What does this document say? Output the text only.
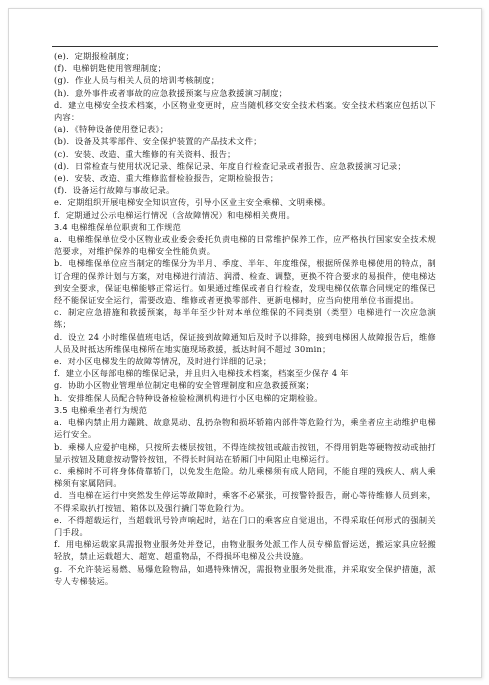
(e)．定期报检制度；

(f)．电梯钥匙使用管理制度；

(g)．作业人员与相关人员的培训考核制度；

(h)．意外事件或者事故的应急救援预案与应急救援演习制度；

d．建立电梯安全技术档案，小区物业变更时，应当随机移交安全技术档案。安全技术档案应包括以下内容：

(a)．《特种设备使用登记表》；

(b)．设备及其零部件、安全保护装置的产品技术文件；

(c)．安装、改造、重大维修的有关资料、报告；

(d)．日常检查与使用状况记录、维保记录、年度自行检查记录或者报告、应急救援演习记录；

(e)．安装、改造、重大维修监督检验报告，定期检验报告；

(f)．设备运行故障与事故记录。

e．定期组织开展电梯安全知识宣传，引导小区业主安全乘梯、文明乘梯。

f．定期通过公示电梯运行情况（含故障情况）和电梯相关费用。

3.4 电梯维保单位职责和工作规范

a．电梯维保单位受小区物业或业委会委托负责电梯的日常维护保养工作，应严格执行国家安全技术规范要求，对维护保养的电梯安全性能负责。

b．电梯维保单位应当制定的维保分为半月、季度、半年、年度维保，根据所保养电梯使用的特点，制订合理的保养计划与方案，对电梯进行清洁、润滑、检查、调整，更换不符合要求的易损件，使电梯达到安全要求，保证电梯能够正常运行。如果通过维保或者自行检查，发现电梯仅依靠合同规定的维保已经不能保证安全运行，需要改造、维修或者更换零部件、更新电梯时，应当向使用单位书面提出。

c．制定应急措施和救援预案，每半年至少针对本单位维保的不同类别（类型）电梯进行一次应急演练；

d．设立 24 小时维保值班电话，保证接到故障通知后及时予以排除，接到电梯困人故障报告后，维修人员及时抵达所维保电梯所在地实施现场救援，抵达时间不超过 30min；

e．对小区电梯发生的故障等情况，及时进行详细的记录；

f．建立小区每部电梯的维保记录，并且归入电梯技术档案，档案至少保存 4 年

g．协助小区物业管理单位制定电梯的安全管理制度和应急救援预案；

h．安排维保人员配合特种设备检验检测机构进行小区电梯的定期检验。

3.5 电梯乘坐者行为规范

a．电梯内禁止用力蹦跳、故意晃动、乱扔杂物和损坏轿箱内部件等危险行为，乘坐者应主动维护电梯运行安全。

b．乘梯人应爱护电梯，只按所去楼层按钮，不得连续按钮或敲击按钮，不得用钥匙等硬物按动或抽打显示按钮及随意按动警铃按钮，不得长时间站在轿厢门中间阻止电梯运行。

c．乘梯时不可将身体倚靠轿门，以免发生危险。幼儿乘梯须有成人陪同，不能自理的残疾人、病人乘梯须有家属陪同。

d．当电梯在运行中突然发生停运等故障时，乘客不必紧张，可按警铃报告，耐心等待维修人员到来，不得采取扒打按钮、箱体以及强行撬门等危险行为。

e．不得超载运行，当超载讯号铃声响起时，站在门口的乘客应自觉退出，不得采取任何形式的强制关门手段。

f．用电梯运载家具需报物业服务处并登记，由物业服务处派工作人员专梯监督运送，搬运家具应轻搬轻放，禁止运载超大、超宽、超重物品，不得损坏电梯及公共设施。

g．不允许装运易燃、易爆危险物品，如遇特殊情况，需报物业服务处批准，并采取安全保护措施，派专人专梯装运。
